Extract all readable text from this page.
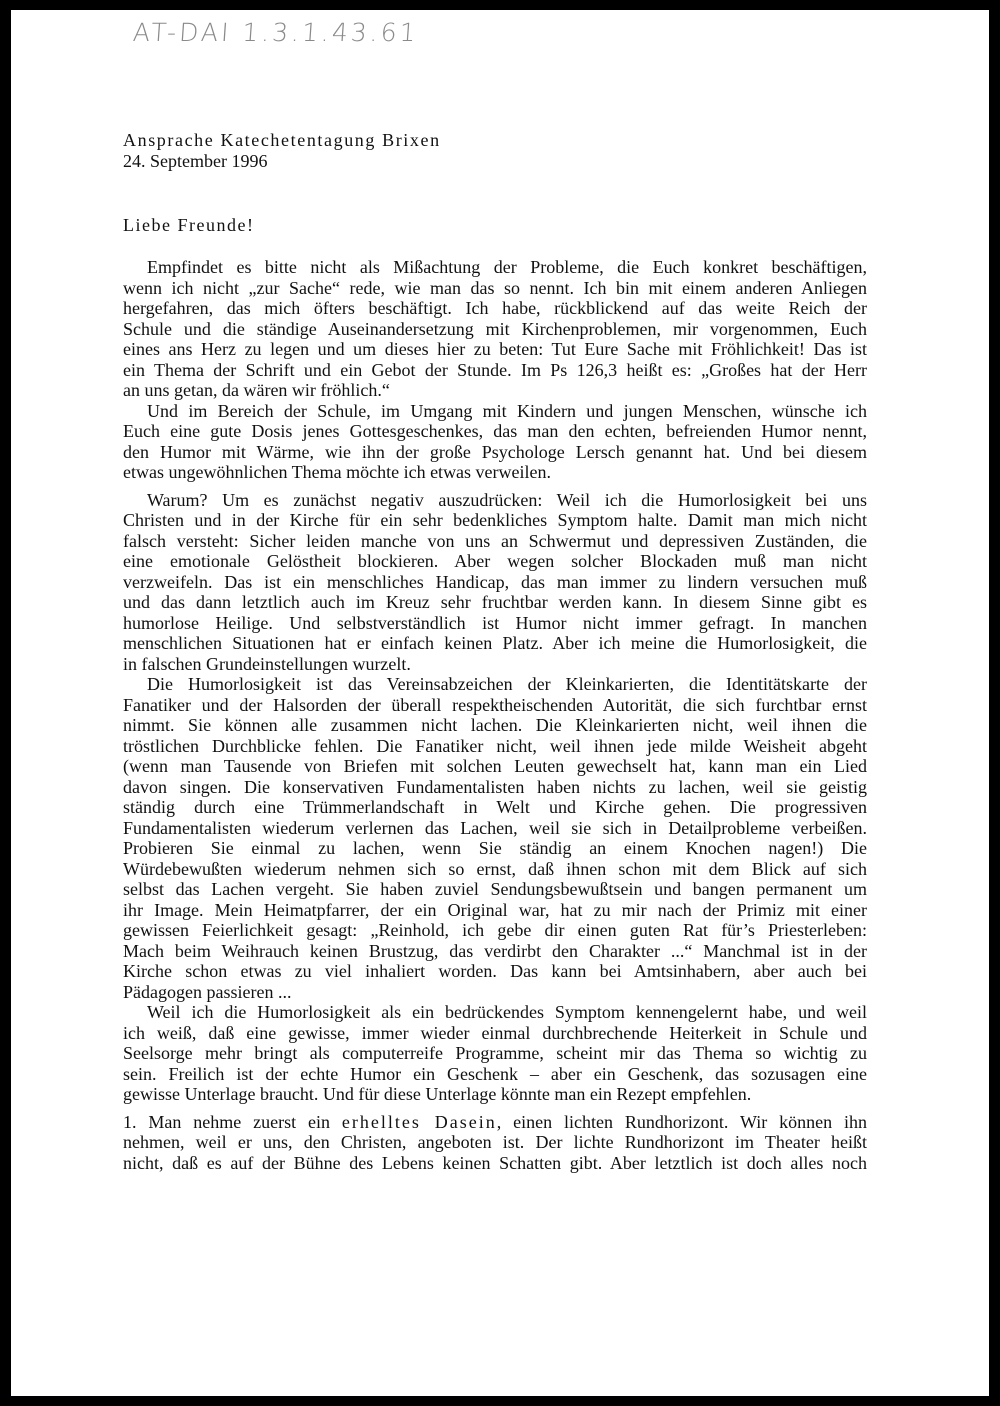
AT-DAI 1.3.1.43.61
Ansprache Katechetentagung Brixen
24. September 1996
Liebe Freunde!
Empfindet es bitte nicht als Mißachtung der Probleme, die Euch konkret beschäftigen,
wenn ich nicht „zur Sache“ rede, wie man das so nennt. Ich bin mit einem anderen Anliegen
hergefahren, das mich öfters beschäftigt. Ich habe, rückblickend auf das weite Reich der
Schule und die ständige Auseinandersetzung mit Kirchenproblemen, mir vorgenommen, Euch
eines ans Herz zu legen und um dieses hier zu beten: Tut Eure Sache mit Fröhlichkeit! Das ist
ein Thema der Schrift und ein Gebot der Stunde. Im Ps 126,3 heißt es: „Großes hat der Herr
an uns getan, da wären wir fröhlich.“
Und im Bereich der Schule, im Umgang mit Kindern und jungen Menschen, wünsche ich
Euch eine gute Dosis jenes Gottesgeschenkes, das man den echten, befreienden Humor nennt,
den Humor mit Wärme, wie ihn der große Psychologe Lersch genannt hat. Und bei diesem
etwas ungewöhnlichen Thema möchte ich etwas verweilen.
Warum? Um es zunächst negativ auszudrücken: Weil ich die Humorlosigkeit bei uns
Christen und in der Kirche für ein sehr bedenkliches Symptom halte. Damit man mich nicht
falsch versteht: Sicher leiden manche von uns an Schwermut und depressiven Zuständen, die
eine emotionale Gelöstheit blockieren. Aber wegen solcher Blockaden muß man nicht
verzweifeln. Das ist ein menschliches Handicap, das man immer zu lindern versuchen muß
und das dann letztlich auch im Kreuz sehr fruchtbar werden kann. In diesem Sinne gibt es
humorlose Heilige. Und selbstverständlich ist Humor nicht immer gefragt. In manchen
menschlichen Situationen hat er einfach keinen Platz. Aber ich meine die Humorlosigkeit, die
in falschen Grundeinstellungen wurzelt.
Die Humorlosigkeit ist das Vereinsabzeichen der Kleinkarierten, die Identitätskarte der
Fanatiker und der Halsorden der überall respektheischenden Autorität, die sich furchtbar ernst
nimmt. Sie können alle zusammen nicht lachen. Die Kleinkarierten nicht, weil ihnen die
tröstlichen Durchblicke fehlen. Die Fanatiker nicht, weil ihnen jede milde Weisheit abgeht
(wenn man Tausende von Briefen mit solchen Leuten gewechselt hat, kann man ein Lied
davon singen. Die konservativen Fundamentalisten haben nichts zu lachen, weil sie geistig
ständig durch eine Trümmerlandschaft in Welt und Kirche gehen. Die progressiven
Fundamentalisten wiederum verlernen das Lachen, weil sie sich in Detailprobleme verbeißen.
Probieren Sie einmal zu lachen, wenn Sie ständig an einem Knochen nagen!) Die
Würdebewußten wiederum nehmen sich so ernst, daß ihnen schon mit dem Blick auf sich
selbst das Lachen vergeht. Sie haben zuviel Sendungsbewußtsein und bangen permanent um
ihr Image. Mein Heimatpfarrer, der ein Original war, hat zu mir nach der Primiz mit einer
gewissen Feierlichkeit gesagt: „Reinhold, ich gebe dir einen guten Rat für’s Priesterleben:
Mach beim Weihrauch keinen Brustzug, das verdirbt den Charakter ...“ Manchmal ist in der
Kirche schon etwas zu viel inhaliert worden. Das kann bei Amtsinhabern, aber auch bei
Pädagogen passieren ...
Weil ich die Humorlosigkeit als ein bedrückendes Symptom kennengelernt habe, und weil
ich weiß, daß eine gewisse, immer wieder einmal durchbrechende Heiterkeit in Schule und
Seelsorge mehr bringt als computerreife Programme, scheint mir das Thema so wichtig zu
sein. Freilich ist der echte Humor ein Geschenk – aber ein Geschenk, das sozusagen eine
gewisse Unterlage braucht. Und für diese Unterlage könnte man ein Rezept empfehlen.
1. Man nehme zuerst ein erhelltes Dasein, einen lichten Rundhorizont. Wir können ihn
nehmen, weil er uns, den Christen, angeboten ist. Der lichte Rundhorizont im Theater heißt
nicht, daß es auf der Bühne des Lebens keinen Schatten gibt. Aber letztlich ist doch alles noch
